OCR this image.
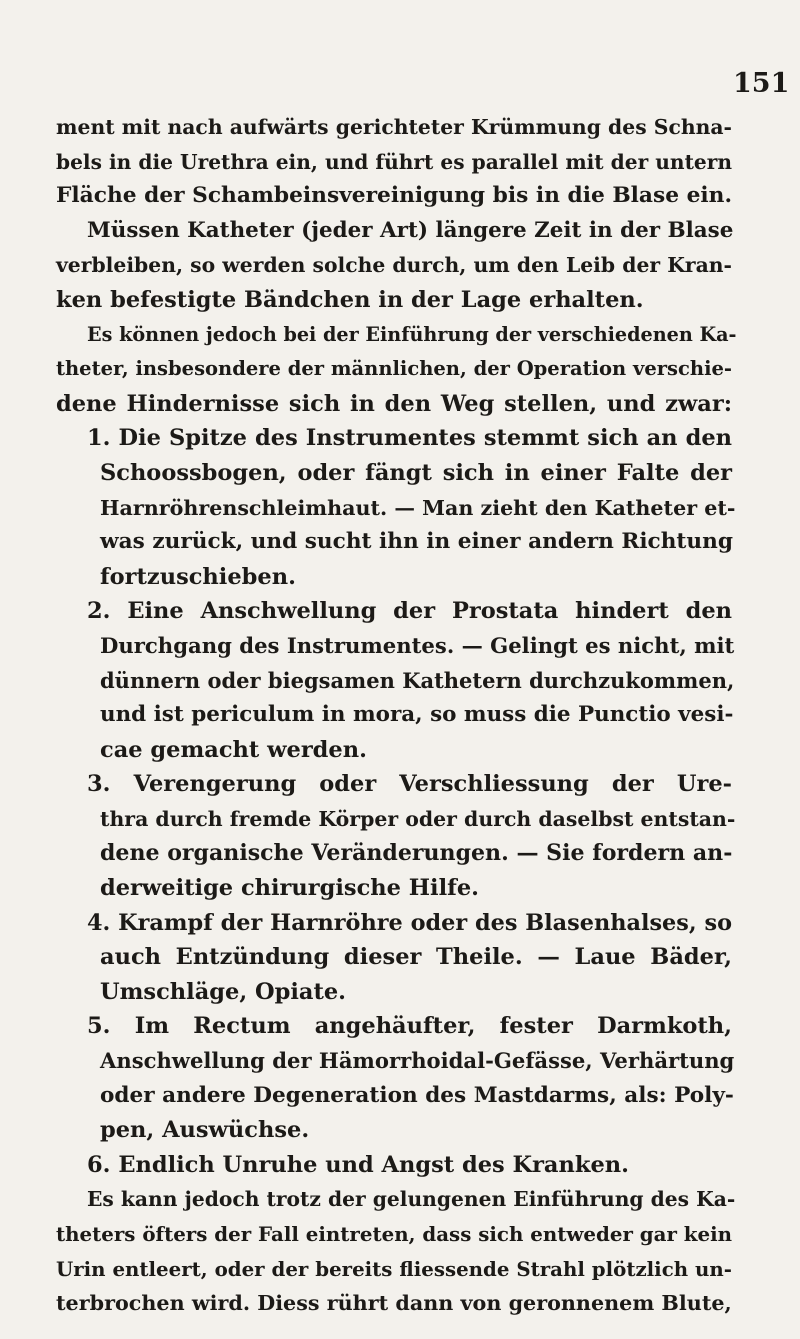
151
ment mit nach aufwärts gerichteter Krümmung des Schna-
bels in die Urethra ein, und führt es parallel mit der untern
Fläche der Schambeinsvereinigung bis in die Blase ein.
Müssen Katheter (jeder Art) längere Zeit in der Blase
verbleiben, so werden solche durch, um den Leib der Kran-
ken befestigte Bändchen in der Lage erhalten.
Es können jedoch bei der Einführung der verschiedenen Ka-
theter, insbesondere der männlichen, der Operation verschie-
dene Hindernisse sich in den Weg stellen, und zwar:
1. Die Spitze des Instrumentes stemmt sich an den
Schoossbogen, oder fängt sich in einer Falte der
Harnröhrenschleimhaut. — Man zieht den Katheter et-
was zurück, und sucht ihn in einer andern Richtung
fortzuschieben.
2. Eine Anschwellung der Prostata hindert den
Durchgang des Instrumentes. — Gelingt es nicht, mit
dünnern oder biegsamen Kathetern durchzukommen,
und ist periculum in mora, so muss die Punctio vesi-
cae gemacht werden.
3. Verengerung oder Verschliessung der Ure-
thra durch fremde Körper oder durch daselbst entstan-
dene organische Veränderungen. — Sie fordern an-
derweitige chirurgische Hilfe.
4. Krampf der Harnröhre oder des Blasenhalses, so
auch Entzündung dieser Theile. — Laue Bäder,
Umschläge, Opiate.
5. Im Rectum angehäufter, fester Darmkoth,
Anschwellung der Hämorrhoidal-Gefässe, Verhärtung
oder andere Degeneration des Mastdarms, als: Poly-
pen, Auswüchse.
6. Endlich Unruhe und Angst des Kranken.
Es kann jedoch trotz der gelungenen Einführung des Ka-
theters öfters der Fall eintreten, dass sich entweder gar kein
Urin entleert, oder der bereits fliessende Strahl plötzlich un-
terbrochen wird. Diess rührt dann von geronnenem Blute,
